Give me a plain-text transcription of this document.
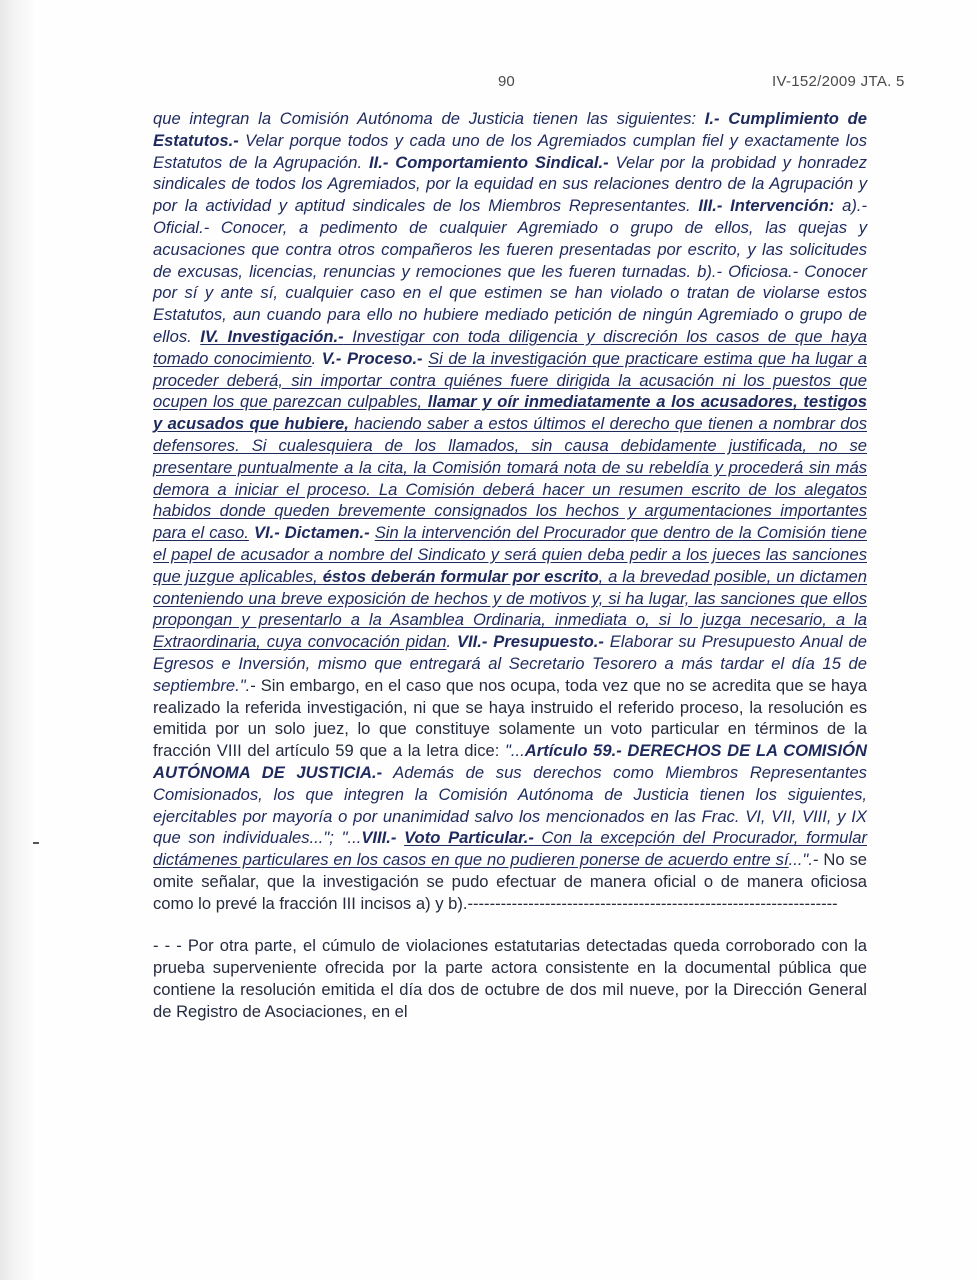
90	IV-152/2009 JTA. 5

que integran la Comisión Autónoma de Justicia tienen las siguientes: I.- Cumplimiento de Estatutos.- Velar porque todos y cada uno de los Agremiados cumplan fiel y exactamente los Estatutos de la Agrupación. II.- Comportamiento Sindical.- Velar por la probidad y honradez sindicales de todos los Agremiados, por la equidad en sus relaciones dentro de la Agrupación y por la actividad y aptitud sindicales de los Miembros Representantes. III.- Intervención: a).- Oficial.- Conocer, a pedimento de cualquier Agremiado o grupo de ellos, las quejas y acusaciones que contra otros compañeros les fueren presentadas por escrito, y las solicitudes de excusas, licencias, renuncias y remociones que les fueren turnadas. b).- Oficiosa.- Conocer por sí y ante sí, cualquier caso en el que estimen se han violado o tratan de violarse estos Estatutos, aun cuando para ello no hubiere mediado petición de ningún Agremiado o grupo de ellos. IV. Investigación.- Investigar con toda diligencia y discreción los casos de que haya tomado conocimiento. V.- Proceso.- Si de la investigación que practicare estima que ha lugar a proceder deberá, sin importar contra quiénes fuere dirigida la acusación ni los puestos que ocupen los que parezcan culpables, llamar y oír inmediatamente a los acusadores, testigos y acusados que hubiere, haciendo saber a estos últimos el derecho que tienen a nombrar dos defensores. Si cualesquiera de los llamados, sin causa debidamente justificada, no se presentare puntualmente a la cita, la Comisión tomará nota de su rebeldía y procederá sin más demora a iniciar el proceso. La Comisión deberá hacer un resumen escrito de los alegatos habidos donde queden brevemente consignados los hechos y argumentaciones importantes para el caso. VI.- Dictamen.- Sin la intervención del Procurador que dentro de la Comisión tiene el papel de acusador a nombre del Sindicato y será quien deba pedir a los jueces las sanciones que juzgue aplicables, éstos deberán formular por escrito, a la brevedad posible, un dictamen conteniendo una breve exposición de hechos y de motivos y, si ha lugar, las sanciones que ellos propongan y presentarlo a la Asamblea Ordinaria, inmediata o, si lo juzga necesario, a la Extraordinaria, cuya convocación pidan. VII.- Presupuesto.- Elaborar su Presupuesto Anual de Egresos e Inversión, mismo que entregará al Secretario Tesorero a más tardar el día 15 de septiembre.".- Sin embargo, en el caso que nos ocupa, toda vez que no se acredita que se haya realizado la referida investigación, ni que se haya instruido el referido proceso, la resolución es emitida por un solo juez, lo que constituye solamente un voto particular en términos de la fracción VIII del artículo 59 que a la letra dice: "...Artículo 59.- DERECHOS DE LA COMISIÓN AUTÓNOMA DE JUSTICIA.- Además de sus derechos como Miembros Representantes Comisionados, los que integren la Comisión Autónoma de Justicia tienen los siguientes, ejercitables por mayoría o por unanimidad salvo los mencionados en las Frac. VI, VII, VIII, y IX que son individuales..."; "...VIII.- Voto Particular.- Con la excepción del Procurador, formular dictámenes particulares en los casos en que no pudieren ponerse de acuerdo entre sí...".- No se omite señalar, que la investigación se pudo efectuar de manera oficial o de manera oficiosa como lo prevé la fracción III incisos a) y b).-------------------------------------------------------------------

- - - Por otra parte, el cúmulo de violaciones estatutarias detectadas queda corroborado con la prueba superveniente ofrecida por la parte actora consistente en la documental pública que contiene la resolución emitida el día dos de octubre de dos mil nueve, por la Dirección General de Registro de Asociaciones, en el
